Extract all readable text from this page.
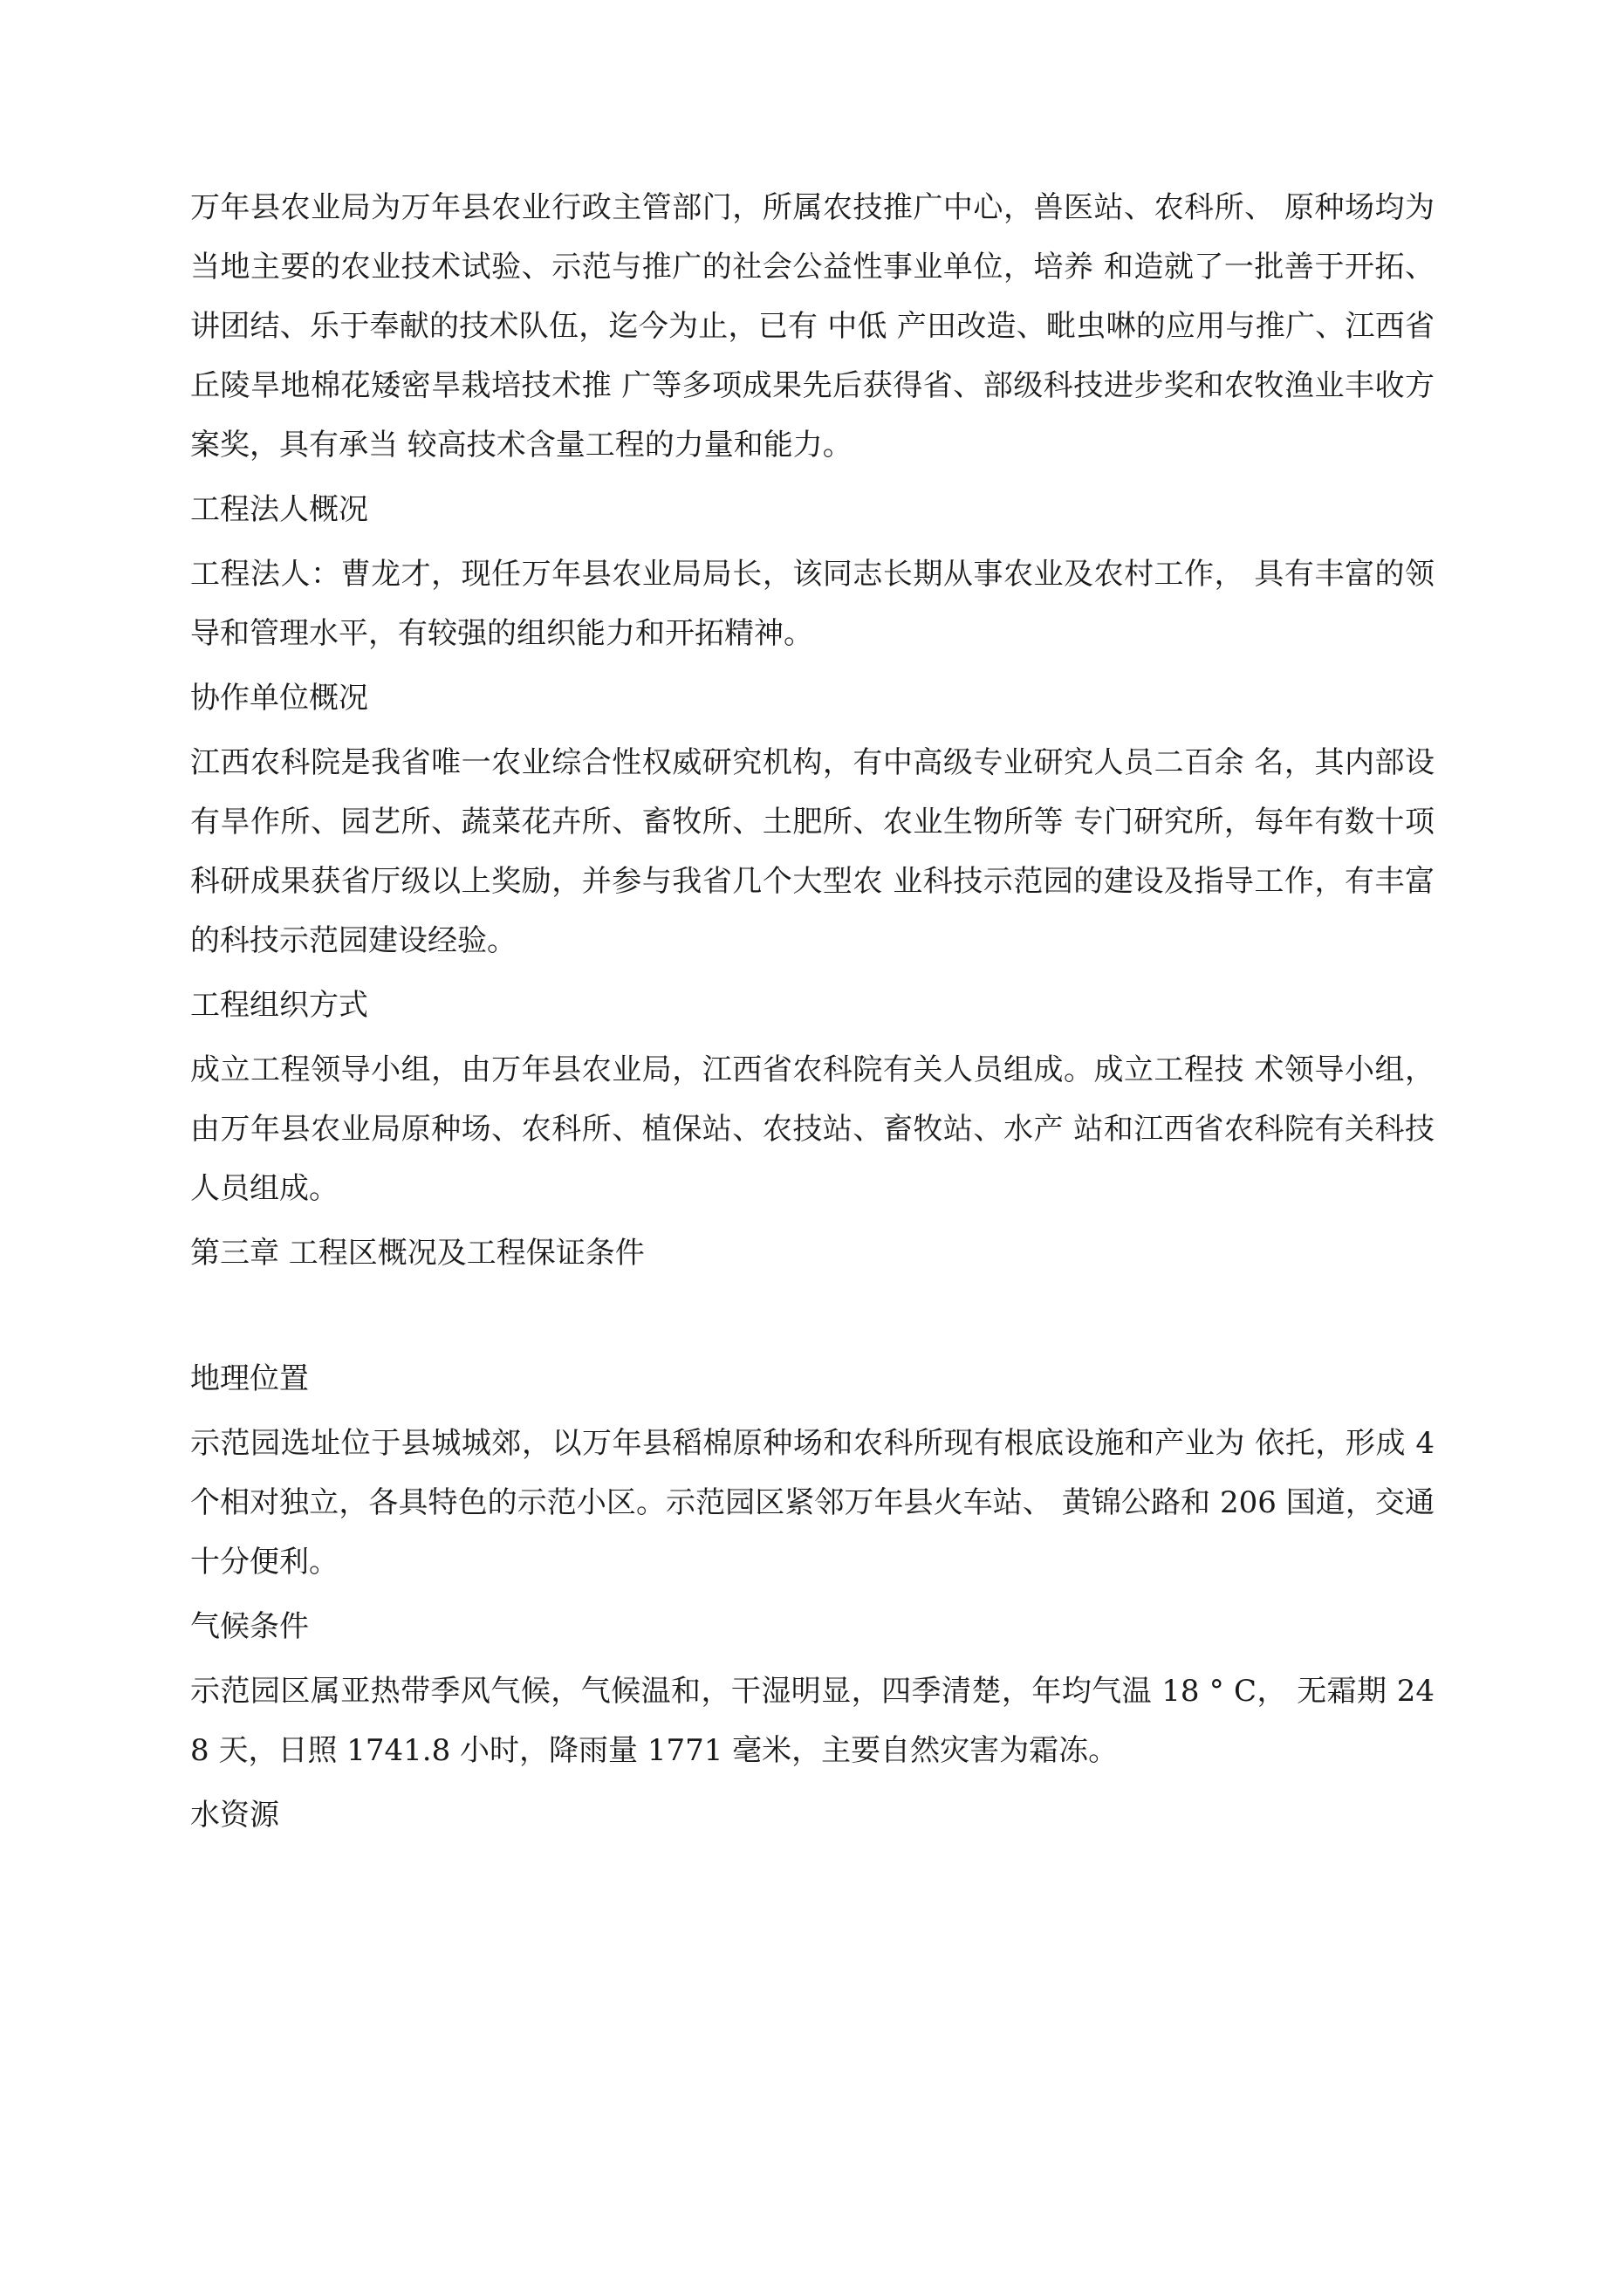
万年县农业局为万年县农业行政主管部门，所属农技推广中心，兽医站、农科所、 原种场均为当地主要的农业技术试验、示范与推广的社会公益性事业单位，培养 和造就了一批善于开拓、讲团结、乐于奉献的技术队伍，迄今为止，已有 中低 产田改造、毗虫啉的应用与推广、江西省丘陵旱地棉花矮密旱栽培技术推 广等多项成果先后获得省、部级科技进步奖和农牧渔业丰收方案奖，具有承当 较高技术含量工程的力量和能力。

工程法人概况

工程法人：曹龙才，现任万年县农业局局长，该同志长期从事农业及农村工作， 具有丰富的领导和管理水平，有较强的组织能力和开拓精神。

协作单位概况

江西农科院是我省唯一农业综合性权威研究机构，有中高级专业研究人员二百余 名，其内部设有旱作所、园艺所、蔬菜花卉所、畜牧所、土肥所、农业生物所等 专门研究所，每年有数十项科研成果获省厅级以上奖励，并参与我省几个大型农 业科技示范园的建设及指导工作，有丰富的科技示范园建设经验。

工程组织方式

成立工程领导小组，由万年县农业局，江西省农科院有关人员组成。成立工程技 术领导小组，由万年县农业局原种场、农科所、植保站、农技站、畜牧站、水产 站和江西省农科院有关科技人员组成。

第三章 工程区概况及工程保证条件
地理位置

示范园选址位于县城城郊，以万年县稻棉原种场和农科所现有根底设施和产业为 依托，形成 4 个相对独立，各具特色的示范小区。示范园区紧邻万年县火车站、 黄锦公路和 206 国道，交通十分便利。

气候条件

示范园区属亚热带季风气候，气候温和，干湿明显，四季清楚，年均气温 18 ° C， 无霜期 248 天，日照 1741.8 小时，降雨量 1771 毫米，主要自然灾害为霜冻。

水资源
